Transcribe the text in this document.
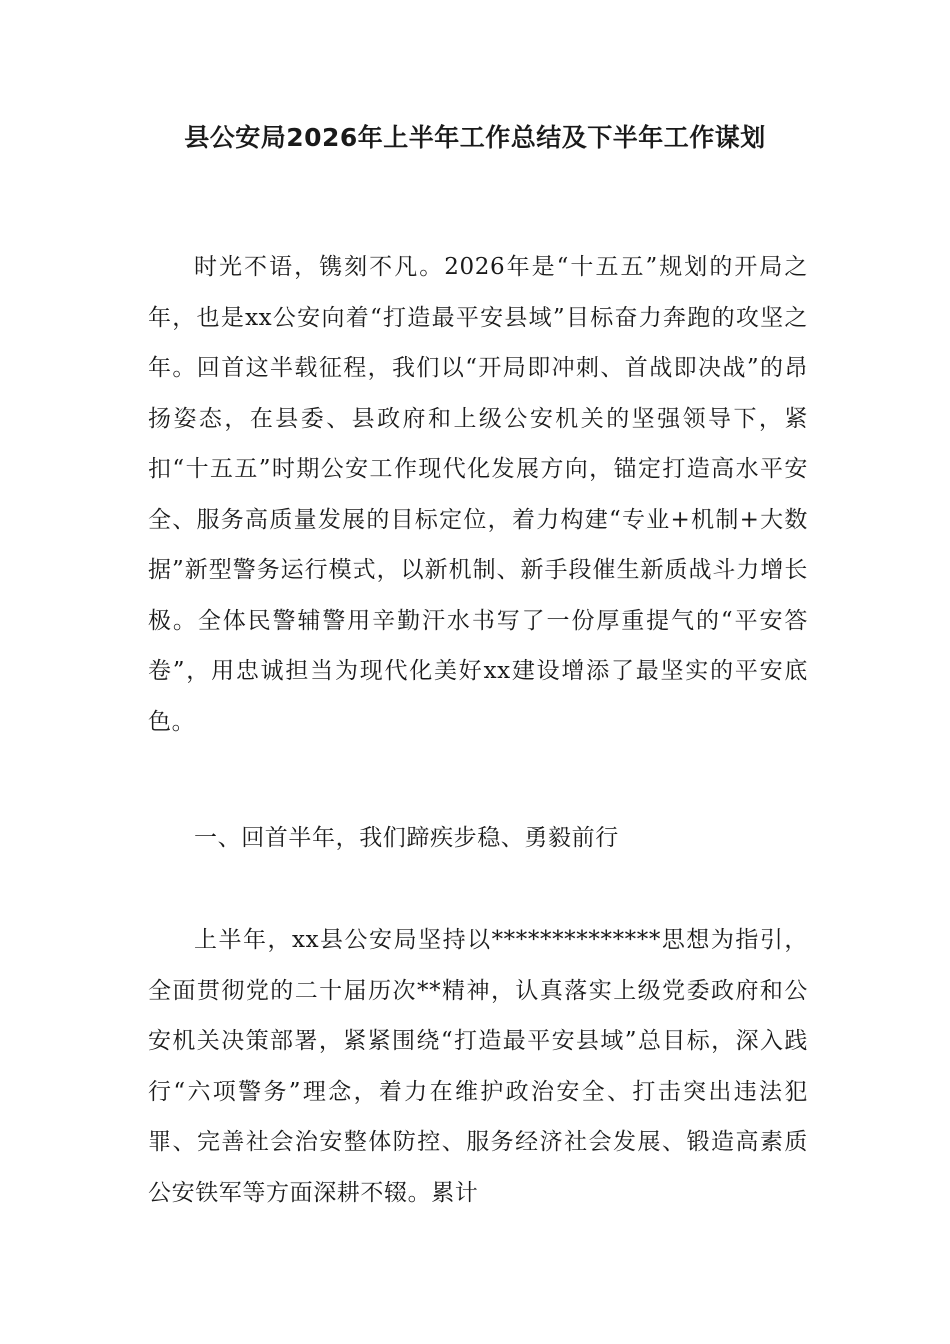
县公安局2026年上半年工作总结及下半年工作谋划

时光不语，镌刻不凡。2026年是“十五五”规划的开局之年，也是xx公安向着“打造最平安县域”目标奋力奔跑的攻坚之年。回首这半载征程，我们以“开局即冲刺、首战即决战”的昂扬姿态，在县委、县政府和上级公安机关的坚强领导下，紧扣“十五五”时期公安工作现代化发展方向，锚定打造高水平安全、服务高质量发展的目标定位，着力构建“专业+机制+大数据”新型警务运行模式，以新机制、新手段催生新质战斗力增长极。全体民警辅警用辛勤汗水书写了一份厚重提气的“平安答卷”，用忠诚担当为现代化美好xx建设增添了最坚实的平安底色。

一、回首半年，我们蹄疾步稳、勇毅前行

上半年，xx县公安局坚持以**************思想为指引，全面贯彻党的二十届历次**精神，认真落实上级党委政府和公安机关决策部署，紧紧围绕“打造最平安县域”总目标，深入践行“六项警务”理念，着力在维护政治安全、打击突出违法犯罪、完善社会治安整体防控、服务经济社会发展、锻造高素质公安铁军等方面深耕不辍。累计
